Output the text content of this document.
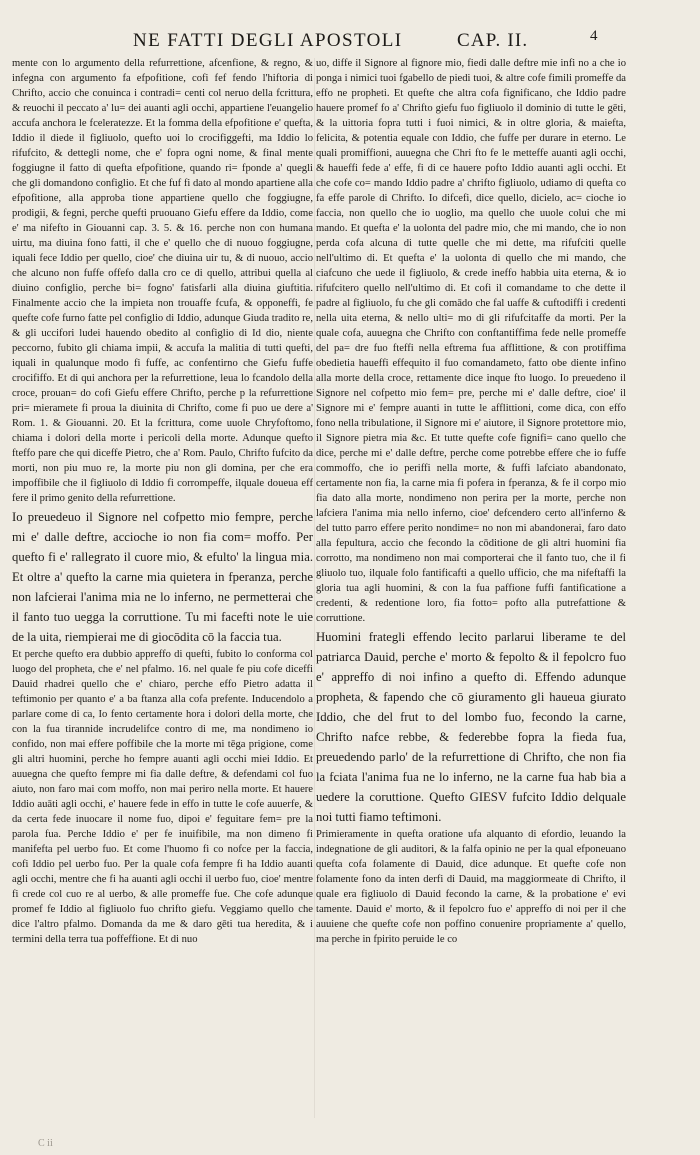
NE FATTI DEGLI APOSTOLI	CAP. II.	4

mente con lo argumento della refurrettione, afcenfione, & regno, & infegna con argumento fa efpofitione, cofi fef fendo l'hiftoria di Chrifto, accio che conuinca i contradi= centi col neruo della fcrittura, & reuochi il peccato a' lu= dei auanti agli occhi, appartiene l'euangelio accufa anchora le fceleratezze. Et la fomma della efpofitione e' quefta, Iddio il diede il figliuolo, quefto uoi lo crocifiggefti, ma Iddio lo rifufcito, & dettegli nome, che e' fopra ogni nome, & final mente foggiugne il fatto di quefta efpofitione, quando ri= fponde a' quegli che gli domandono configlio. Et che fuf fi dato al mondo apartiene alla efpofitione, alla approba tione appartiene quello che foggiugne, prodigii, & fegni, perche quefti pruouano Giefu effere da Iddio, come e' ma nifefto in Giouanni cap. 3. 5. & 16. perche non con humana uirtu, ma diuina fono fatti, il che e' quello che di nuouo foggiugne, iquali fece Iddio per quello, cioe' che diuina uir tu, & di nuouo, accio che alcuno non fuffe offefo dalla cro ce di quello, attribui quella al diuino configlio, perche bi= fogno' fatisfarli alla diuina giuftitia. Finalmente accio che la impieta non trouaffe fcufa, & opponeffi, fe quefte cofe furno fatte pel configlio di Iddio, adunque Giuda tradito re, & gli uccifori ludei hauendo obedito al configlio di Id dio, niente peccorno, fubito gli chiama impii, & accufa la malitia di tutti quefti, iquali in qualunque modo fi fuffe, ac confentirno che Giefu fuffe crocififfo. Et di qui anchora per la refurrettione, leua lo fcandolo della croce, prouan= do cofi Giefu effere Chrifto, perche p la refurrettione pri= mieramete fi proua la diuinita di Chrifto, come fi puo ue dere a' Rom. 1. & Giouanni. 20. Et la fcrittura, come uuole Chryfoftomo, chiama i dolori della morte i pericoli della morte. Adunque quefto fteffo pare che qui diceffe Pietro, che a' Rom. Paulo, Chrifto fufcito da morti, non piu muo re, la morte piu non gli domina, per che era impoffibile che il figliuolo di Iddio fi corrompeffe, ilquale doueua eff fere il primo genito della refurrettione.

Io preuedeuo il Signore nel cofpetto mio fempre, perche mi e' dalle deftre, accioche io non fia com= moffo. Per quefto fi e' rallegrato il cuore mio, & efulto' la lingua mia. Et oltre a' quefto la carne mia quietera in fperanza, perche non lafcierai l'anima mia ne lo inferno, ne permetterai che il fanto tuo uegga la corruttione. Tu mi facefti note le uie de la uita, riempierai me di giocōdita cō la faccia tua.

Et perche quefto era dubbio appreffo di quefti, fubito lo conforma col luogo del propheta, che e' nel pfalmo. 16. nel quale fe piu cofe diceffi Dauid rhadrei quello che e' chiaro, perche effo Pietro adatta il teftimonio per quanto e' a ba ftanza alla cofa prefente. Inducendolo a parlare come di ca, Io fento certamente hora i dolori della morte, che con la fua tirannide incrudelifce contro di me, ma nondimeno io confido, non mai effere poffibile che la morte mi tēga prigione, come gli altri huomini, perche ho fempre auanti agli occhi miei Iddio. Et auuegna che quefto fempre mi fia dalle deftre, & defendami col fuo aiuto, non faro mai com moffo, non mai periro nella morte. Et hauere Iddio auāti agli occhi, e' hauere fede in effo in tutte le cofe auuerfe, & da certa fede inuocare il nome fuo, dipoi e' feguitare fem= pre la parola fua. Perche Iddio e' per fe inuifibile, ma non dimeno fi manifefta pel uerbo fuo. Et come l'huomo fi co nofce per la faccia, cofi Iddio pel uerbo fuo. Per la quale cofa fempre fi ha Iddio auanti agli occhi, mentre che fi ha auanti agli occhi il uerbo fuo, cioe' mentre fi crede col cuo re al uerbo, & alle promeffe fue. Che cofe adunque promef fe Iddio al figliuolo fuo chrifto giefu. Veggiamo quello che dice l'altro pfalmo. Domanda da me & daro gēti tua heredita, & i termini della terra tua poffeffione. Et di nuo

uo, diffe il Signore al fignore mio, fiedi dalle deftre mie infi no a che io ponga i nimici tuoi fgabello de piedi tuoi, & altre cofe fimili promeffe da effo ne propheti. Et quefte che altra cofa fignificano, che Iddio padre hauere promef fo a' Chrifto giefu fuo figliuolo il dominio di tutte le gēti, & la uittoria fopra tutti i fuoi nimici, & in oltre gloria, & maiefta, felicita, & potentia equale con Iddio, che fuffe per durare in eterno. Le quali promiffioni, auuegna che Chri fto fe le metteffe auanti agli occhi, & haueffi fede a' effe, fi di ce hauere pofto Iddio auanti agli occhi. Et che cofe co= mando Iddio padre a' chrifto figliuolo, udiamo di quefta co fa effe parole di Chrifto. Io difcefi, dice quello, dicielo, ac= cioche io faccia, non quello che io uoglio, ma quello che uuole colui che mi mando. Et quefta e' la uolonta del padre mio, che mi mando, che io non perda cofa alcuna di tutte quelle che mi dette, ma rifufciti quelle nell'ultimo di. Et quefta e' la uolonta di quello che mi mando, che ciafcuno che uede il figliuolo, & crede ineffo habbia uita eterna, & io rifufcitero quello nell'ultimo di. Et cofi il comandame to che dette il padre al figliuolo, fu che gli comādo che fal uaffe & cuftodiffi i credenti nella uita eterna, & nello ulti= mo di gli rifufcitaffe da morti. Per la quale cofa, auuegna che Chrifto con conftantiffima fede nelle promeffe del pa= dre fuo fteffi nella eftrema fua afflittione, & con protiffima obedietia haueffi effequito il fuo comandameto, fatto obe diente infino alla morte della croce, rettamente dice inque fto luogo. Io preuedeno il Signore nel cofpetto mio fem= pre, perche mi e' dalle deftre, cioe' il Signore mi e' fempre auanti in tutte le afflittioni, come dica, con effo fono nella tribulatione, il Signore mi e' aiutore, il Signore protettore mio, il Signore pietra mia &c. Et tutte quefte cofe fignifi= cano quello che dice, perche mi e' dalle deftre, perche come potrebbe effere che io fuffe commoffo, che io periffi nella morte, & fuffi lafciato abandonato, certamente non fia, la carne mia fi pofera in fperanza, & fe il corpo mio fia dato alla morte, nondimeno non perira per la morte, perche non lafciera l'anima mia nello inferno, cioe' defcendero certo all'inferno & del tutto parro effere perito nondime= no non mi abandonerai, faro dato alla fepultura, accio che fecondo la cōditione de gli altri huomini fia corrotto, ma nondimeno non mai comporterai che il fanto tuo, che il fi gliuolo tuo, ilquale folo fantificafti a quello ufficio, che ma nifeftaffi la gloria tua agli huomini, & con la fua paffione fuffi fantificatione a credenti, & redentione loro, fia fotto= pofto alla putrefattione & corruttione.

Huomini frategli effendo lecito parlarui liberame te del patriarca Dauid, perche e' morto & fepolto & il fepolcro fuo e' appreffo di noi infino a quefto di. Effendo adunque propheta, & fapendo che cō giuramento gli haueua giurato Iddio, che del frut to del lombo fuo, fecondo la carne, Chrifto nafce rebbe, & federebbe fopra la fieda fua, preuedendo parlo' de la refurrettione di Chrifto, che non fia la fciata l'anima fua ne lo inferno, ne la carne fua hab bia a uedere la coruttione. Quefto GIESV fufcito Iddio delquale noi tutti fiamo teftimoni.

Primieramente in quefta oratione ufa alquanto di efordio, leuando la indegnatione de gli auditori, & la falfa opinio ne per la qual efponeuano quefta cofa folamente di Dauid, dice adunque. Et quefte cofe non folamente fono da inten derfi di Dauid, ma maggiormeate di Chrifto, il quale era figliuolo di Dauid fecondo la carne, & la probatione e' evi tamente. Dauid e' morto, & il fepolcro fuo e' appreffo di noi per il che auuiene che quefte cofe non poffino conuenire propriamente a' quello, ma perche in fpirito peruide le co

C ii
